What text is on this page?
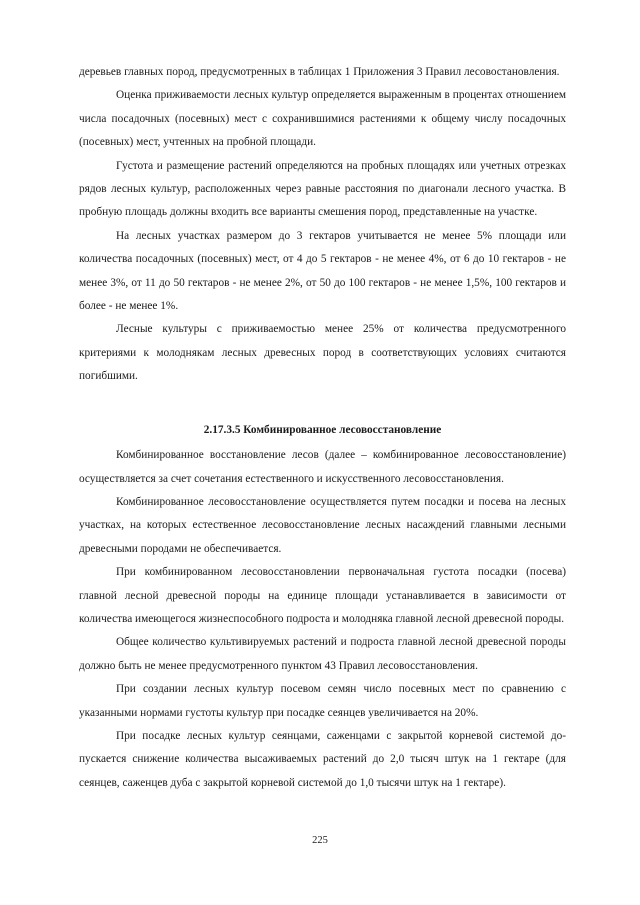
деревьев главных пород, предусмотренных в таблицах 1 Приложения 3 Правил лесовостановления.

Оценка приживаемости лесных культур определяется выраженным в процентах отношением числа посадочных (посевных) мест с сохранившимися растениями к общему числу посадочных (посевных) мест, учтенных на пробной площади.

Густота и размещение растений определяются на пробных площадях или учетных отрезках рядов лесных культур, расположенных через равные расстояния по диагонали лесного участка. В пробную площадь должны входить все варианты смешения пород, представленные на участке.

На лесных участках размером до 3 гектаров учитывается не менее 5% площади или количества посадочных (посевных) мест, от 4 до 5 гектаров - не менее 4%, от 6 до 10 гектаров - не менее 3%, от 11 до 50 гектаров - не менее 2%, от 50 до 100 гектаров - не менее 1,5%, 100 гектаров и более - не менее 1%.

Лесные культуры с приживаемостью менее 25% от количества предусмотренного критериями к молоднякам лесных древесных пород в соответствующих условиях считаются погибшими.

2.17.3.5 Комбинированное лесовосстановление

Комбинированное восстановление лесов (далее – комбинированное лесовосстановление) осуществляется за счет сочетания естественного и искусственного лесовосстановления.

Комбинированное лесовосстановление осуществляется путем посадки и посева на лесных участках, на которых естественное лесовосстановление лесных насаждений главными лесными древесными породами не обеспечивается.

При комбинированном лесовосстановлении первоначальная густота посадки (посева) главной лесной древесной породы на единице площади устанавливается в зависимости от количества имеющегося жизнеспособного подроста и молодняка главной лесной древесной породы.

Общее количество культивируемых растений и подроста главной лесной древесной породы должно быть не менее предусмотренного пунктом 43 Правил лесовосстановления.

При создании лесных культур посевом семян число посевных мест по сравнению с указанными нормами густоты культур при посадке сеянцев увеличивается на 20%.

При посадке лесных культур сеянцами, саженцами с закрытой корневой системой допускается снижение количества высаживаемых растений до 2,0 тысяч штук на 1 гектаре (для сеянцев, саженцев дуба с закрытой корневой системой до 1,0 тысячи штук на 1 гектаре).

225
